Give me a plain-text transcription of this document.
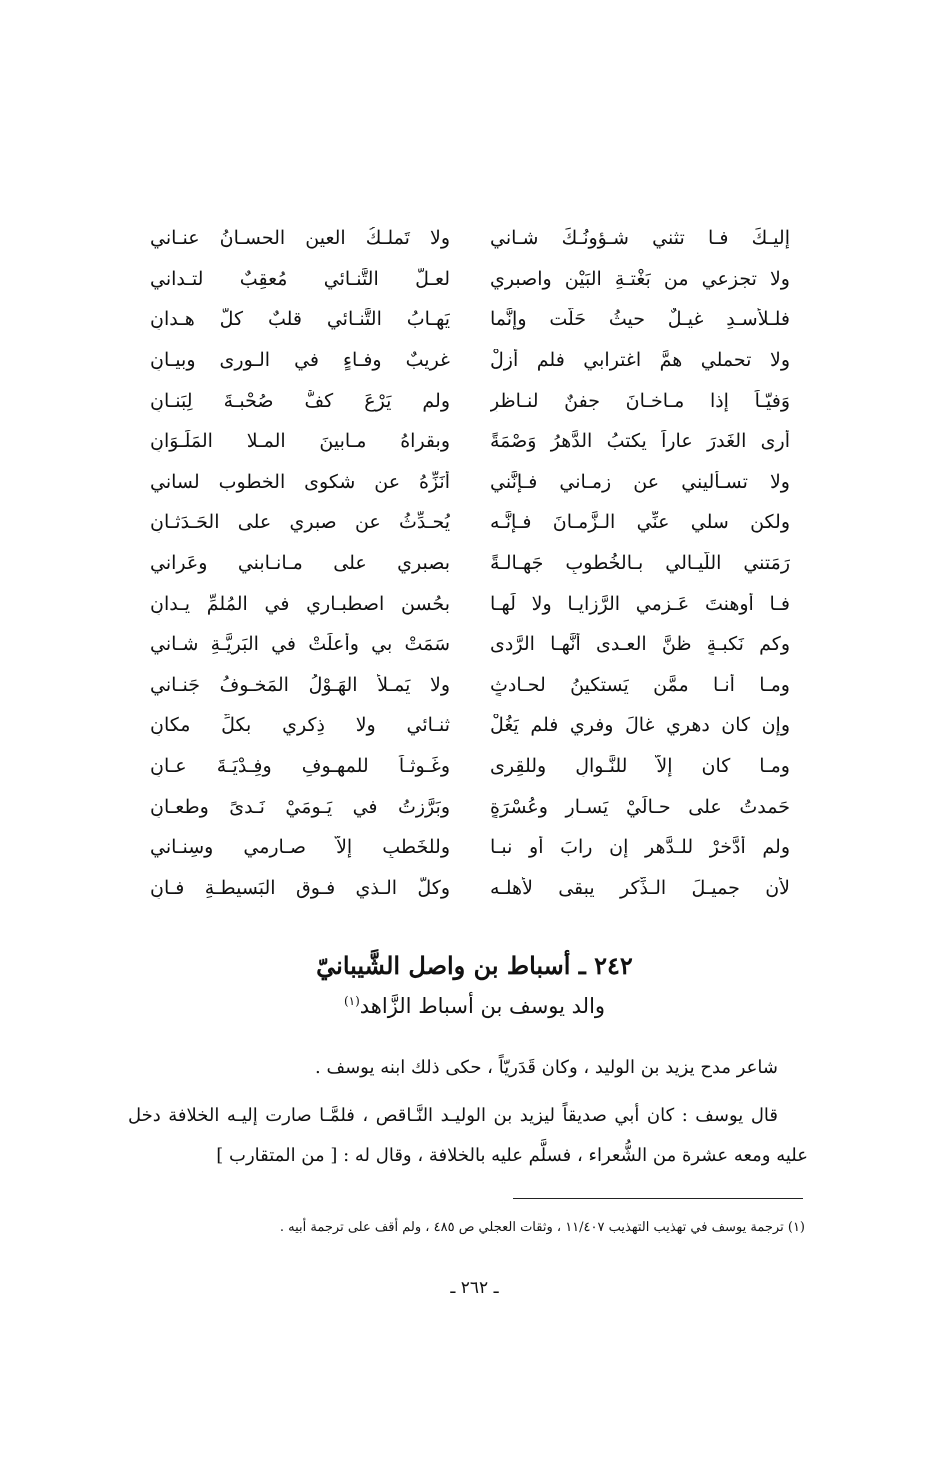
إليـكَ فـا تثني شـؤونُـكَ شـاني
ولا تَملـكُ العين الحسـانُ عنـاني
ولا تجزعي من بَغْتـةِ البَيْنِ واصبري
لعـلَّ التَّنـائي مُعقِبٌ لتـداني
فلـلأُسـدِ غيـلٌ حيثُ حَلَّت وإنَّما
يَهـابُ التَّنـائي قلبٌ كلُّ هـدانِ
ولا تحملي همَّ اغترابي فلم أزلْ
غريبٌ وفـاءٍ في الـورى وبيـانِ
وَفيّـاً إذا مـاخـانَ جفنٌ لنـاظرٍ
ولم يَرْعَ كفٌّ صُحْبـةَ لِبَنـانِ
أرى الغَدرَ عاراً يكتبُ الدَّهرُ وَصْمَةً
وبقراهُ مـابينَ المـلا المَلَـوَانِ
ولا تسـأليني عن زمـاني فـإنَّني
أُنَزِّهُ عن شكوى الخطوب لساني
ولكن سلي عنِّي الـزَّمـانَ فـإنَّـه
يُحـدِّثُ عن صبري على الحَـدَثـانِ
رَمَتني اللَّيـالي بـالخُطوبِ جَهـالـةً
بصبري على مـانـابني وعَراني
فـا أوهنتَ عَـزمي الرَّزايـا ولا لَهـا
بحُسن اصطبـاري في المُلمِّ يـدانِ
وكم نَكبـةٍ ظنَّ العـدى أنَّهـا الرَّدى
سَمَتْ بي وأعلَتْ في البَريَّـةِ شـاني
ومـا أنـا ممَّن يَستكينُ لحـادثٍ
ولا يَمـلأُ الهَـوْلُ المَخـوفُ جَنـاني
وإن كان دهري غالَ وفري فلم يَغُلْ
ثنـائي ولا ذِكري بكلِّ مكانِ
ومـا كان إلاَّ للنَّـوالِ وللقِرى
وغَـوثـاً للمهـوفِ وفِـدْيَـةَ عـانِ
حَمدتُ على حـالَيْ يَسـارٍ وعُسْرَةٍ
وبَرَّزتُ في يَـومَيْ نَـدىً وطعـانِ
ولم أدَّخرْ للـدَّهرِ إن رابَ أو نبـا
وللخَطبِ إلاَّ صـارمي وسِنـاني
لأَن جميـلَ الـذِّكر يبقى لأهلـه
وكلُّ الـذي فـوق البَسيطـةِ فـانِ
٢٤٢ ـ أسباط بن واصل الشَّيبانيّ
والد يوسف بن أسباط الزَّاهد$^{(١)}$

شاعر مدح يزيد بن الوليد ، وكان قَدَريّاً ، حكى ذلك ابنه يوسف .

قال يوسف : كان أبي صديقاً ليزيد بن الوليـد النَّـاقص ، فلمَّـا صارت إليـه الخلافة دخل عليه ومعه عشرة من الشُّعراء ، فسلَّم عليه بالخلافة ، وقال له : [ من المتقارب ]

(١) ترجمة يوسف في تهذيب التهذيب ١١/٤٠٧ ، وثقات العجلي ص ٤٨٥ ، ولم أقف على ترجمة أبيه .
ـ ٢٦٢ ـ
